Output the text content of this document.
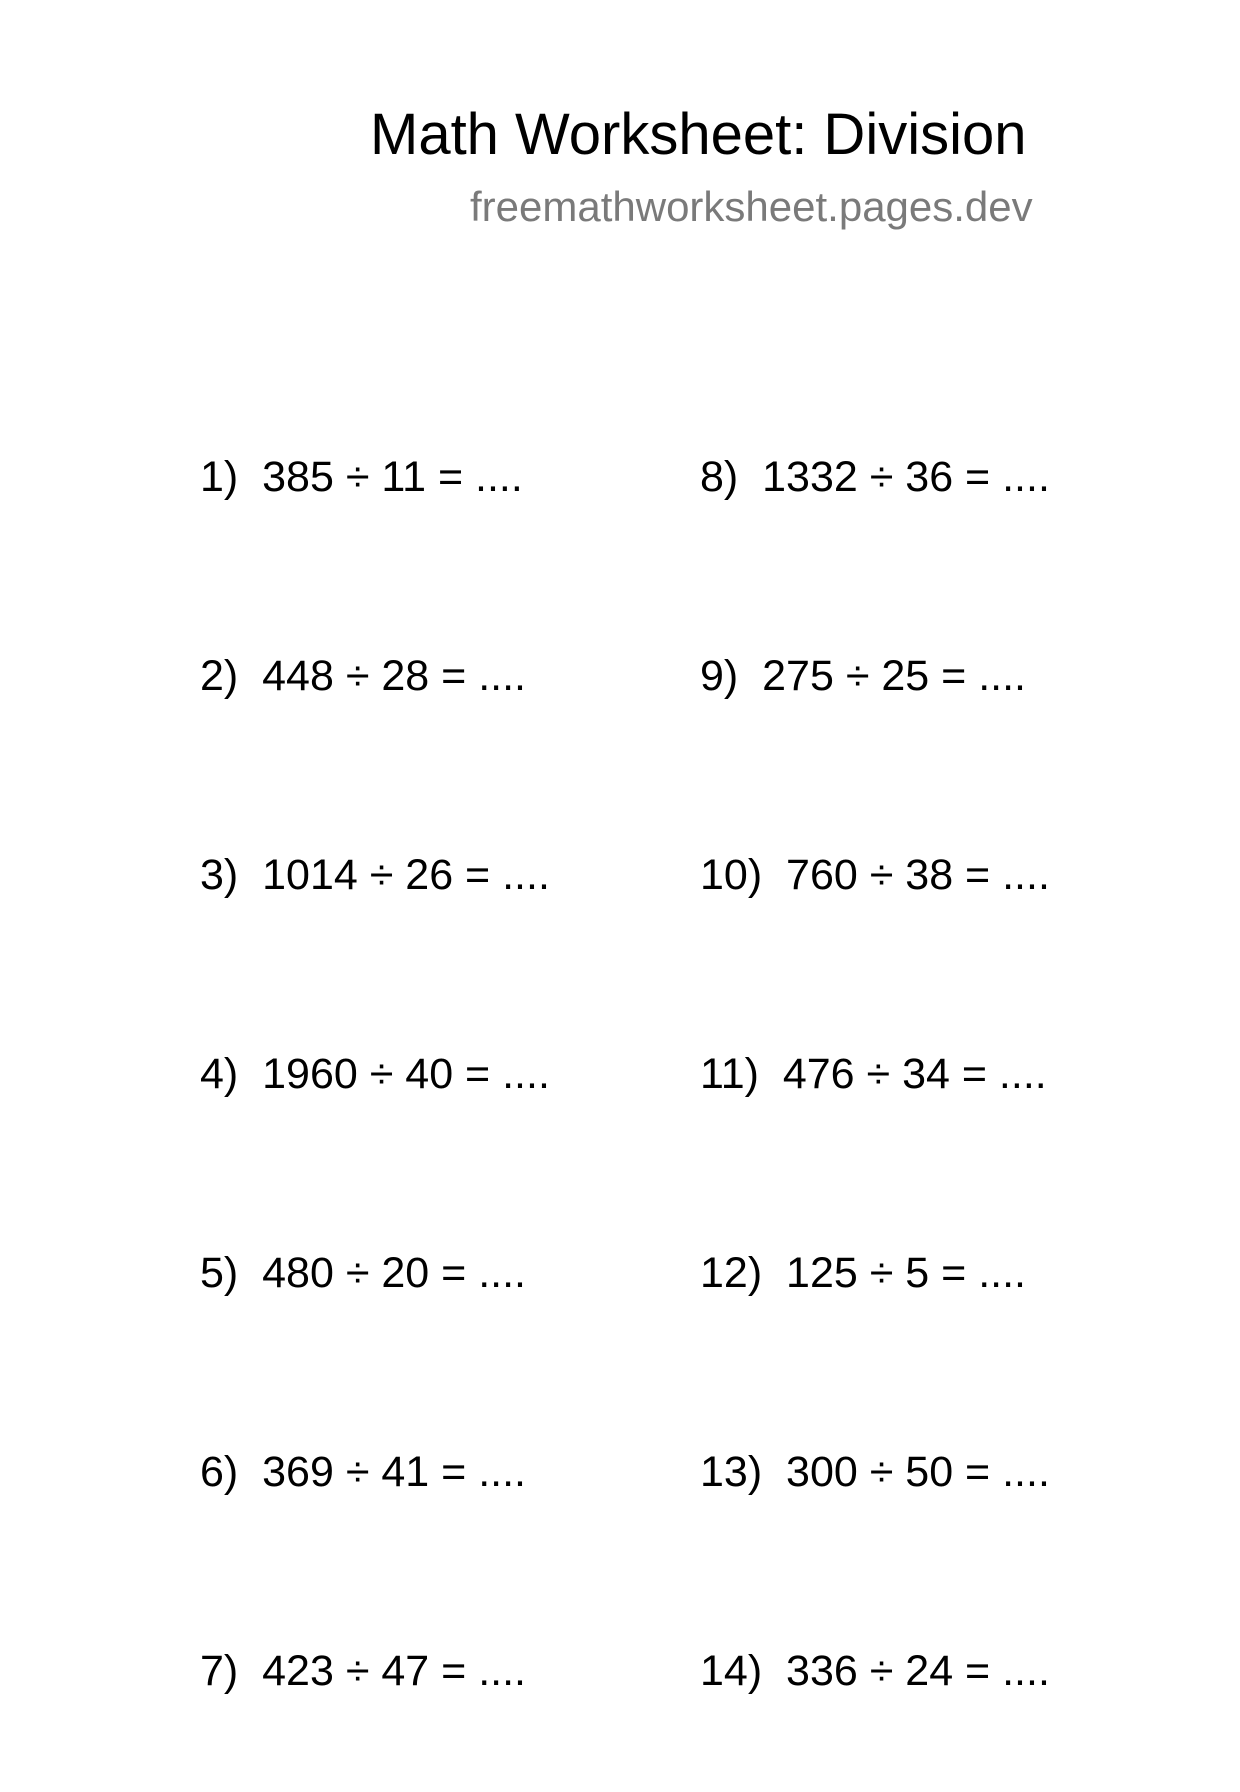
Math Worksheet: Division
freemathworksheet.pages.dev

1)  385 ÷ 11 = ....

2)  448 ÷ 28 = ....

3)  1014 ÷ 26 = ....

4)  1960 ÷ 40 = ....

5)  480 ÷ 20 = ....

6)  369 ÷ 41 = ....

7)  423 ÷ 47 = ....

8)  1332 ÷ 36 = ....

9)  275 ÷ 25 = ....

10)  760 ÷ 38 = ....

11)  476 ÷ 34 = ....

12)  125 ÷ 5 = ....

13)  300 ÷ 50 = ....

14)  336 ÷ 24 = ....
